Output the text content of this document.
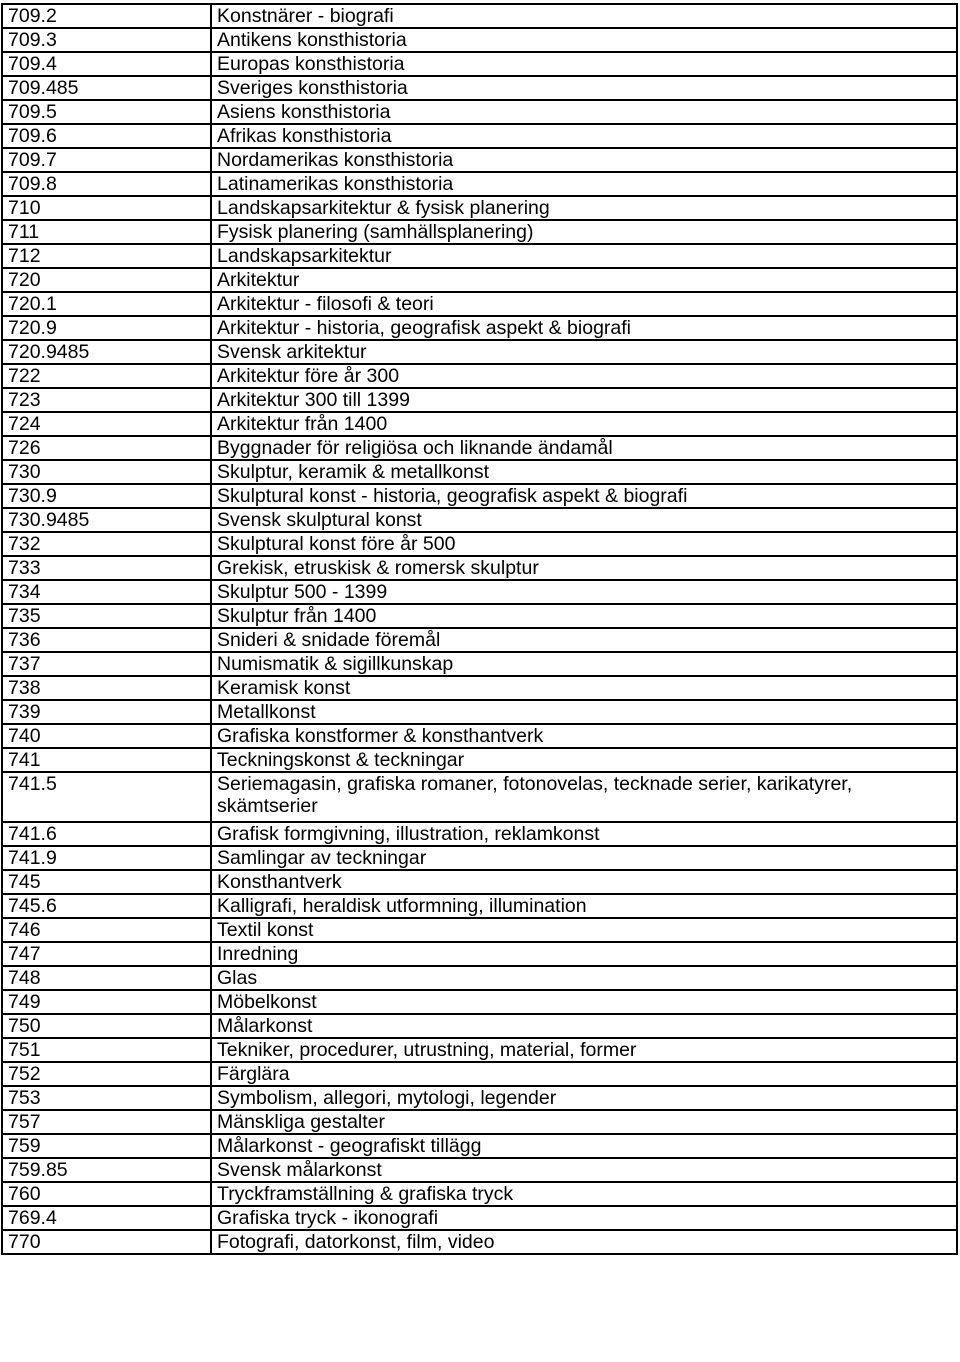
709.2	Konstnärer - biografi
709.3	Antikens konsthistoria
709.4	Europas konsthistoria
709.485	Sveriges konsthistoria
709.5	Asiens konsthistoria
709.6	Afrikas konsthistoria
709.7	Nordamerikas konsthistoria
709.8	Latinamerikas konsthistoria
710	Landskapsarkitektur & fysisk planering
711	Fysisk planering (samhällsplanering)
712	Landskapsarkitektur
720	Arkitektur
720.1	Arkitektur - filosofi & teori
720.9	Arkitektur - historia, geografisk aspekt & biografi
720.9485	Svensk arkitektur
722	Arkitektur före år 300
723	Arkitektur 300 till 1399
724	Arkitektur från 1400
726	Byggnader för religiösa och liknande ändamål
730	Skulptur, keramik & metallkonst
730.9	Skulptural konst - historia, geografisk aspekt & biografi
730.9485	Svensk skulptural konst
732	Skulptural konst före år 500
733	Grekisk, etruskisk & romersk skulptur
734	Skulptur 500 - 1399
735	Skulptur från 1400
736	Sniderі & snidade föremål
737	Numismatik & sigillkunskap
738	Keramisk konst
739	Metallkonst
740	Grafiska konstformer & konsthantverk
741	Teckningskonst & teckningar
741.5	Seriemagasin, grafiska romaner, fotonovelas, tecknade serier, karikatyrer, skämtserier
741.6	Grafisk formgivning, illustration, reklamkonst
741.9	Samlingar av teckningar
745	Konsthantverk
745.6	Kalligrafi, heraldisk utformning, illumination
746	Textil konst
747	Inredning
748	Glas
749	Möbelkonst
750	Målarkonst
751	Tekniker, procedurer, utrustning, material, former
752	Färglära
753	Symbolism, allegori, mytologi, legender
757	Mänskliga gestalter
759	Målarkonst - geografiskt tillägg
759.85	Svensk målarkonst
760	Tryckframställning & grafiska tryck
769.4	Grafiska tryck - ikonografi
770	Fotografi, datorkonst, film, video
